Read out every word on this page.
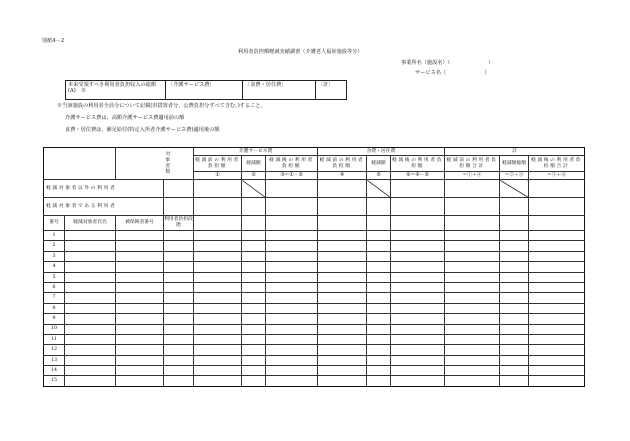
別紙4－2
利用者負担額軽減実績調書（介護老人福祉施設等分）
事業所名（施設名）（	）
サービス名（	）
本来受領すべき利用者負担収入の総額　　(A)　※
〔介護サービス費〕	〔食費・居住費〕	〔計〕
※当該施設の利用者全員分について記載(旧措置者分，公費負担分すべて含む。)すること。
介護サービス費は，高額介護サービス費適用前の額
食費・居住費は，補足給付(特定入所者介護サービス費)適用後の額
		対象者数		介護サービス費			食費・居住費			計		
				軽減前の利用者負担額	軽減額	軽減後の利用者負担額	軽減前の利用者負担額	軽減額	軽減後の利用者負担額	軽減前の利用者負担額合計	軽減額総額	軽減後の利用者負担額合計
				①	②	③＝①－②	④	⑤	⑥＝④－⑤	＝①＋④	＝②＋⑤	＝③＋⑥
軽減対象者以外の利用者												
軽減対象者である利用者												
番号	軽減対象者氏名	被保険者番号	利用者負担段階									
1												
2												
3												
4												
5												
6												
7												
8												
9												
10												
11												
12												
13												
14												
15												
